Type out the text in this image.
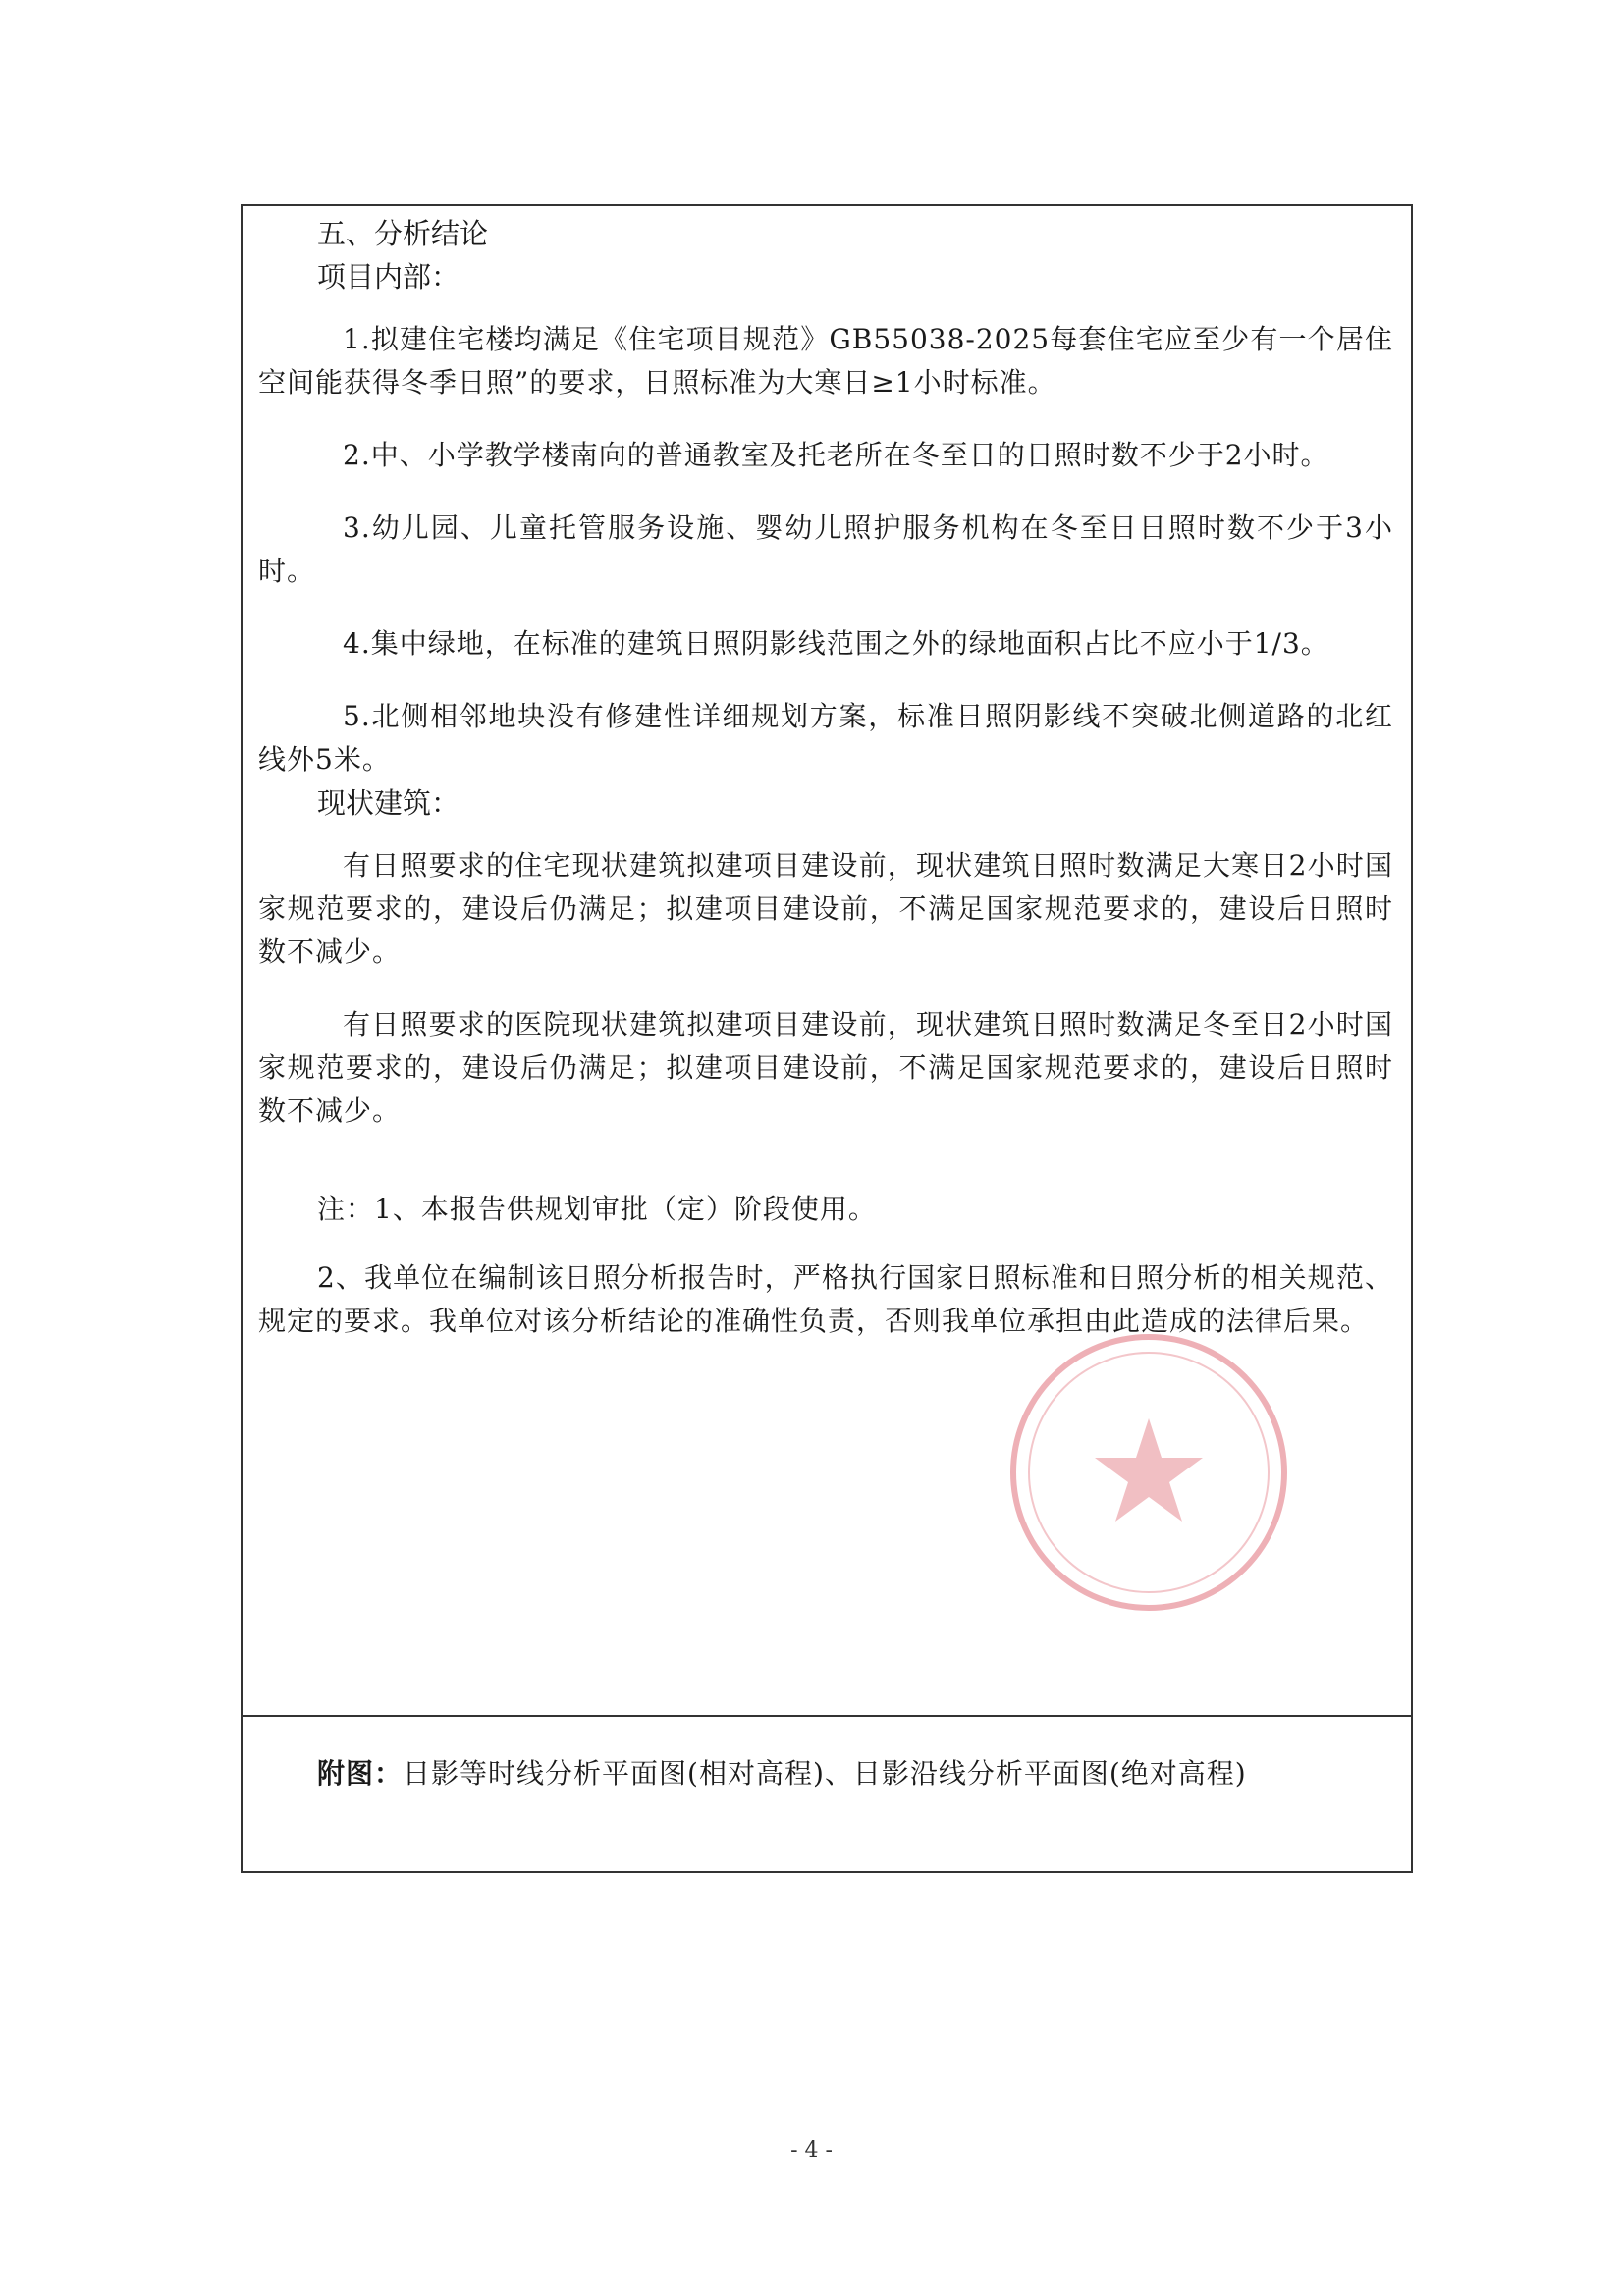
五、分析结论

项目内部：

1.拟建住宅楼均满足《住宅项目规范》GB55038-2025每套住宅应至少有一个居住空间能获得冬季日照”的要求，日照标准为大寒日≥1小时标准。

2.中、小学教学楼南向的普通教室及托老所在冬至日的日照时数不少于2小时。

3.幼儿园、儿童托管服务设施、婴幼儿照护服务机构在冬至日日照时数不少于3小时。

4.集中绿地，在标准的建筑日照阴影线范围之外的绿地面积占比不应小于1/3。

5.北侧相邻地块没有修建性详细规划方案，标准日照阴影线不突破北侧道路的北红线外5米。

现状建筑：

有日照要求的住宅现状建筑拟建项目建设前，现状建筑日照时数满足大寒日2小时国家规范要求的，建设后仍满足；拟建项目建设前，不满足国家规范要求的，建设后日照时数不减少。

有日照要求的医院现状建筑拟建项目建设前，现状建筑日照时数满足冬至日2小时国家规范要求的，建设后仍满足；拟建项目建设前，不满足国家规范要求的，建设后日照时数不减少。

注：1、本报告供规划审批（定）阶段使用。

2、我单位在编制该日照分析报告时，严格执行国家日照标准和日照分析的相关规范、规定的要求。我单位对该分析结论的准确性负责，否则我单位承担由此造成的法律后果。

附图：日影等时线分析平面图(相对高程)、日影沿线分析平面图(绝对高程)
- 4 -
